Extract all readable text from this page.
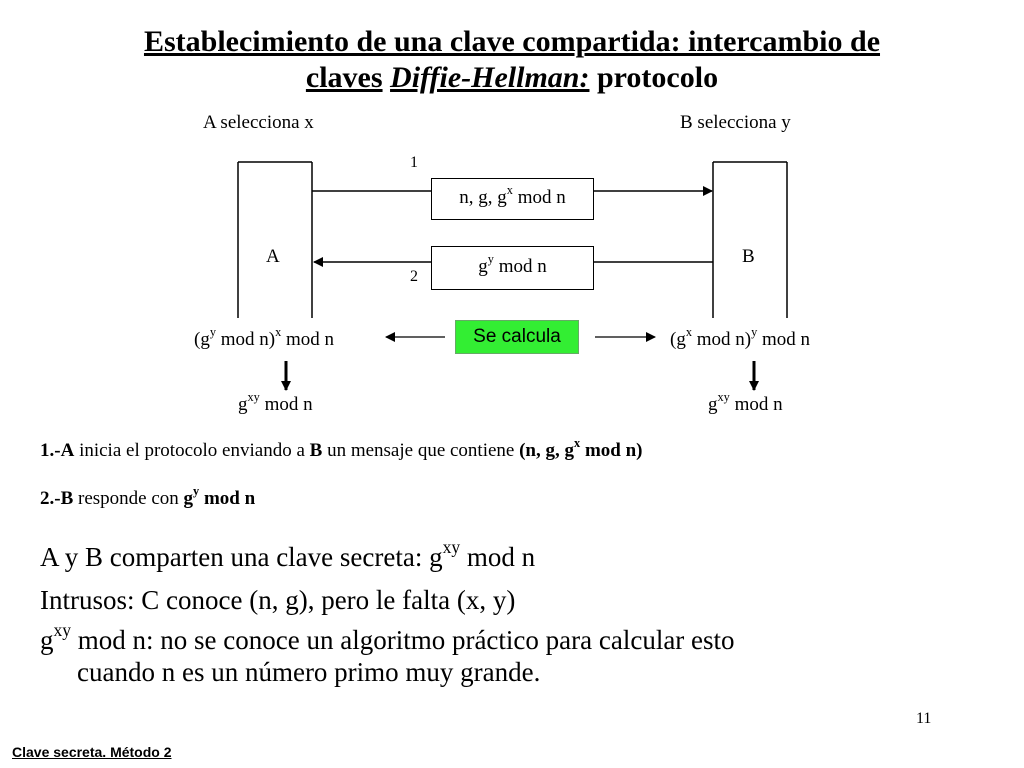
Establecimiento de una clave compartida: intercambio de
claves Diffie-Hellman: protocolo
A selecciona x	B selecciona y
A	B
1
2
n, g, $g^x$ mod n
$g^y$ mod n
Se calcula
($g^y$ mod n)$^x$ mod n	($g^x$ mod n)$^y$ mod n
$g^{xy}$ mod n	$g^{xy}$ mod n
1.-A inicia el protocolo enviando a B un mensaje que contiene (n, g, $g^x$ mod n)
2.-B responde con $g^y$ mod n
A y B comparten una clave secreta: $g^{xy}$ mod n
Intrusos: C conoce (n, g), pero le falta (x, y)
$g^{xy}$ mod n: no se conoce un algoritmo práctico para calcular esto
cuando n es un número primo muy grande.
11
Clave secreta. Método 2
